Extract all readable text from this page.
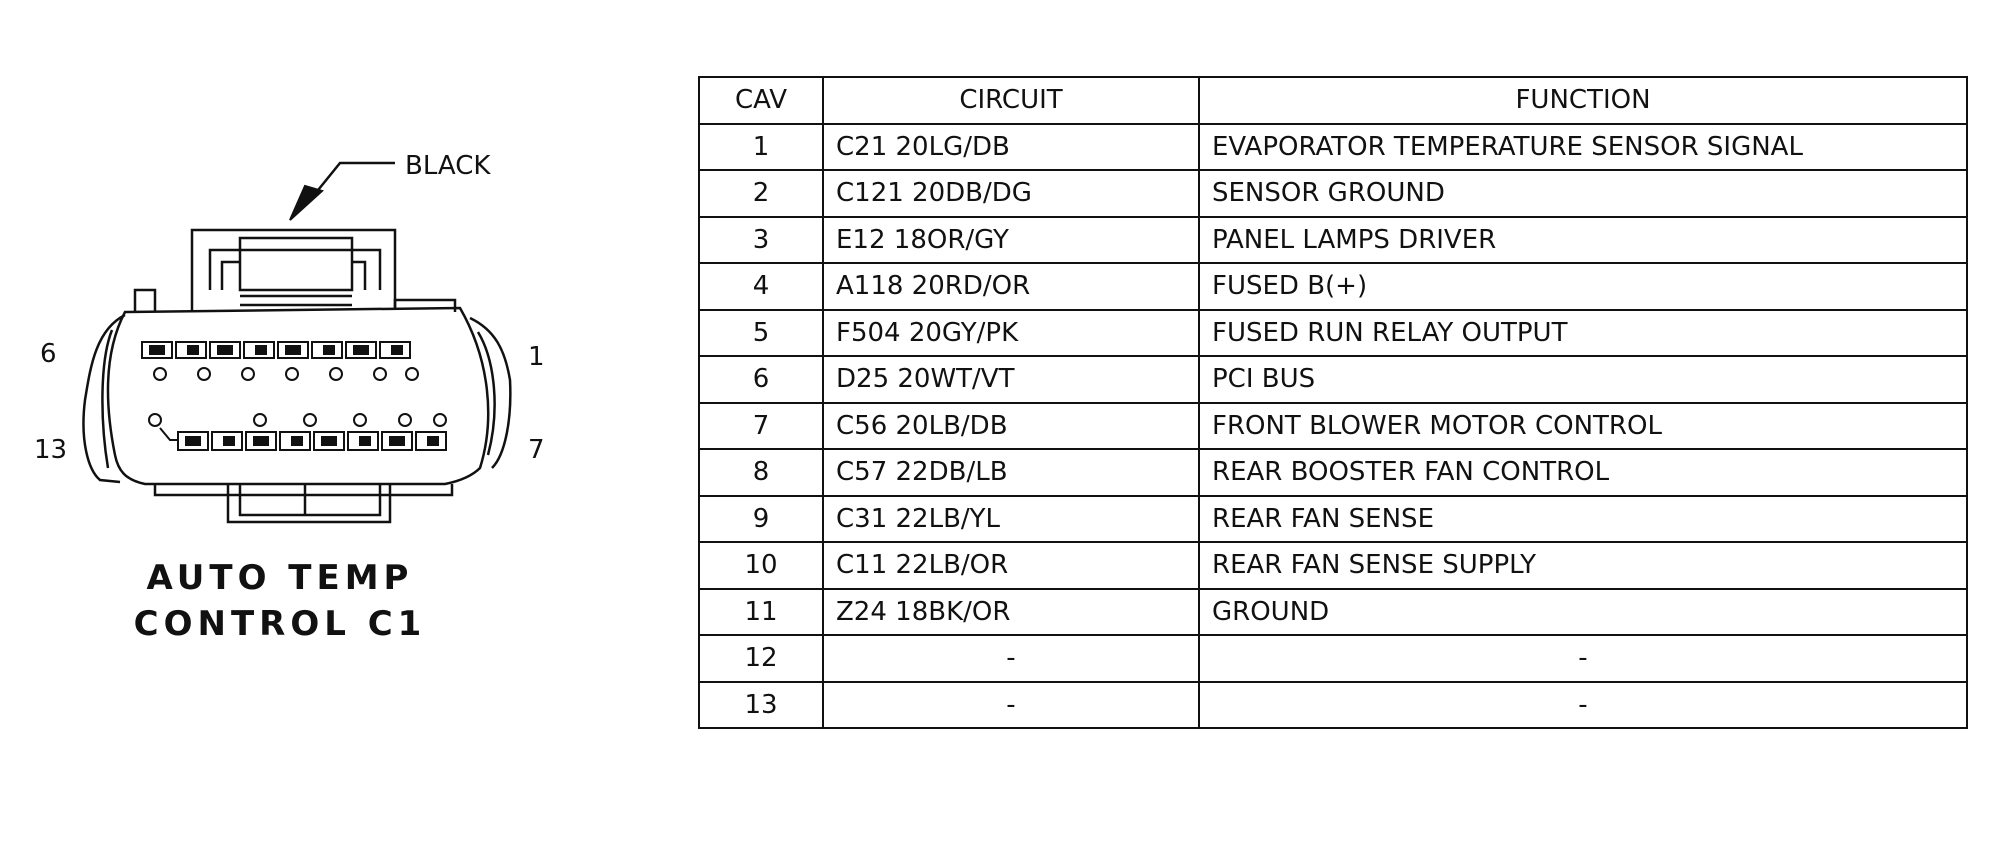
BLACK
6	1
13	7
AUTO TEMP
CONTROL C1
CAV	CIRCUIT	FUNCTION
1	C21 20LG/DB	EVAPORATOR TEMPERATURE SENSOR SIGNAL
2	C121 20DB/DG	SENSOR GROUND
3	E12 18OR/GY	PANEL LAMPS DRIVER
4	A118 20RD/OR	FUSED B(+)
5	F504 20GY/PK	FUSED RUN RELAY OUTPUT
6	D25 20WT/VT	PCI BUS
7	C56 20LB/DB	FRONT BLOWER MOTOR CONTROL
8	C57 22DB/LB	REAR BOOSTER FAN CONTROL
9	C31 22LB/YL	REAR FAN SENSE
10	C11 22LB/OR	REAR FAN SENSE SUPPLY
11	Z24 18BK/OR	GROUND
12	-	-
13	-	-
